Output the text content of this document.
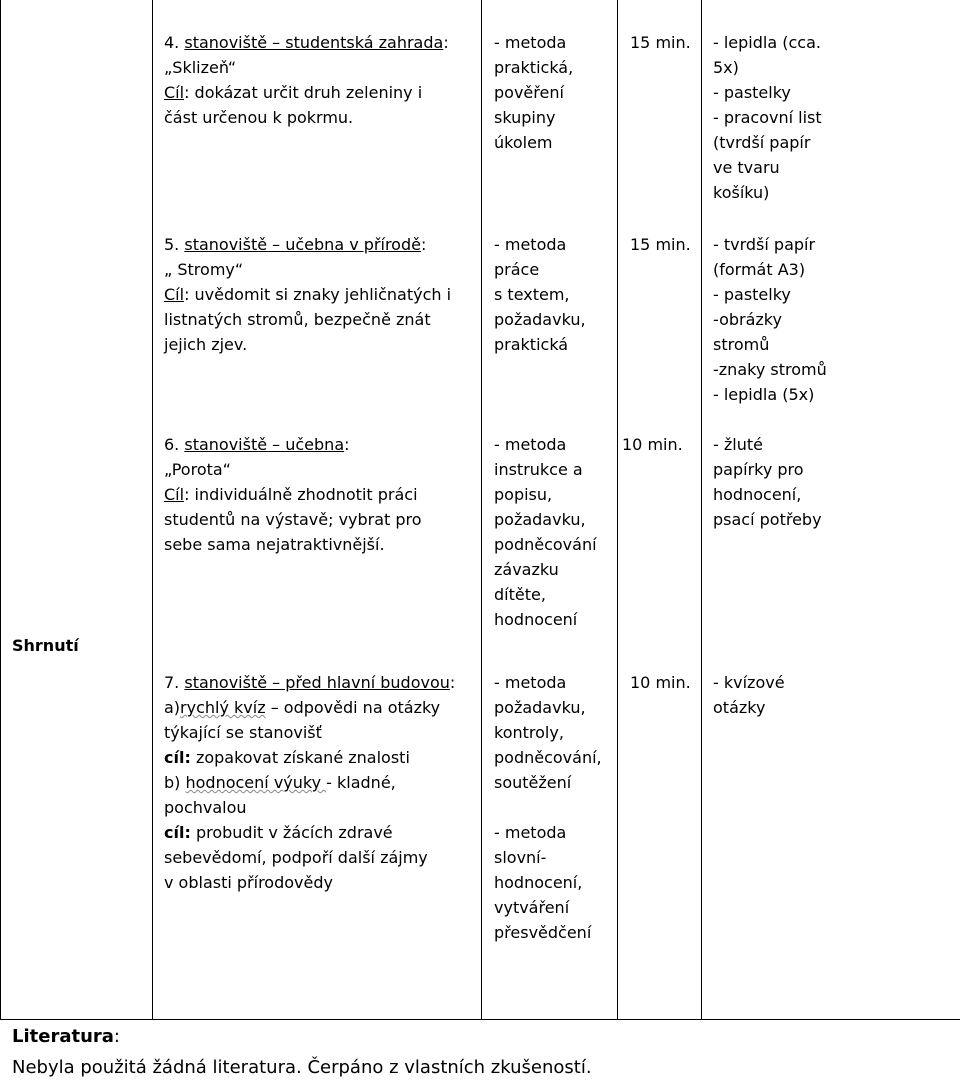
4. stanoviště – studentská zahrada:
„Sklizeň“
Cíl: dokázat určit druh zeleniny i
část určenou k pokrmu.
- metoda
praktická,
pověření
skupiny
úkolem
15 min. - lepidla (cca.
5x)
- pastelky
- pracovní list
(tvrdší papír
ve tvaru
košíku)
5. stanoviště – učebna v přírodě:
„ Stromy“
Cíl: uvědomit si znaky jehličnatých i
listnatých stromů, bezpečně znát
jejich zjev.
- metoda
práce
s textem,
požadavku,
praktická
15 min. - tvrdší papír
(formát A3)
- pastelky
-obrázky
stromů
-znaky stromů
- lepidla (5x)
6. stanoviště – učebna:
„Porota“
Cíl: individuálně zhodnotit práci
studentů na výstavě; vybrat pro
sebe sama nejatraktivnější.
- metoda
instrukce a
popisu,
požadavku,
podněcování
závazku
dítěte,
hodnocení
10 min. - žluté
papírky pro
hodnocení,
psací potřeby
Shrnutí
7. stanoviště – před hlavní budovou:
a)rychlý kvíz – odpovědi na otázky
týkající se stanovišť
cíl: zopakovat získané znalosti
b) hodnocení výuky - kladné,
pochvalou
cíl: probudit v žácích zdravé
sebevědomí, podpoří další zájmy
v oblasti přírodovědy
- metoda
požadavku,
kontroly,
podněcování,
soutěžení
- metoda
slovní-
hodnocení,
vytváření
přesvědčení
10 min. - kvízové
otázky
Literatura:
Nebyla použitá žádná literatura. Čerpáno z vlastních zkušeností.
